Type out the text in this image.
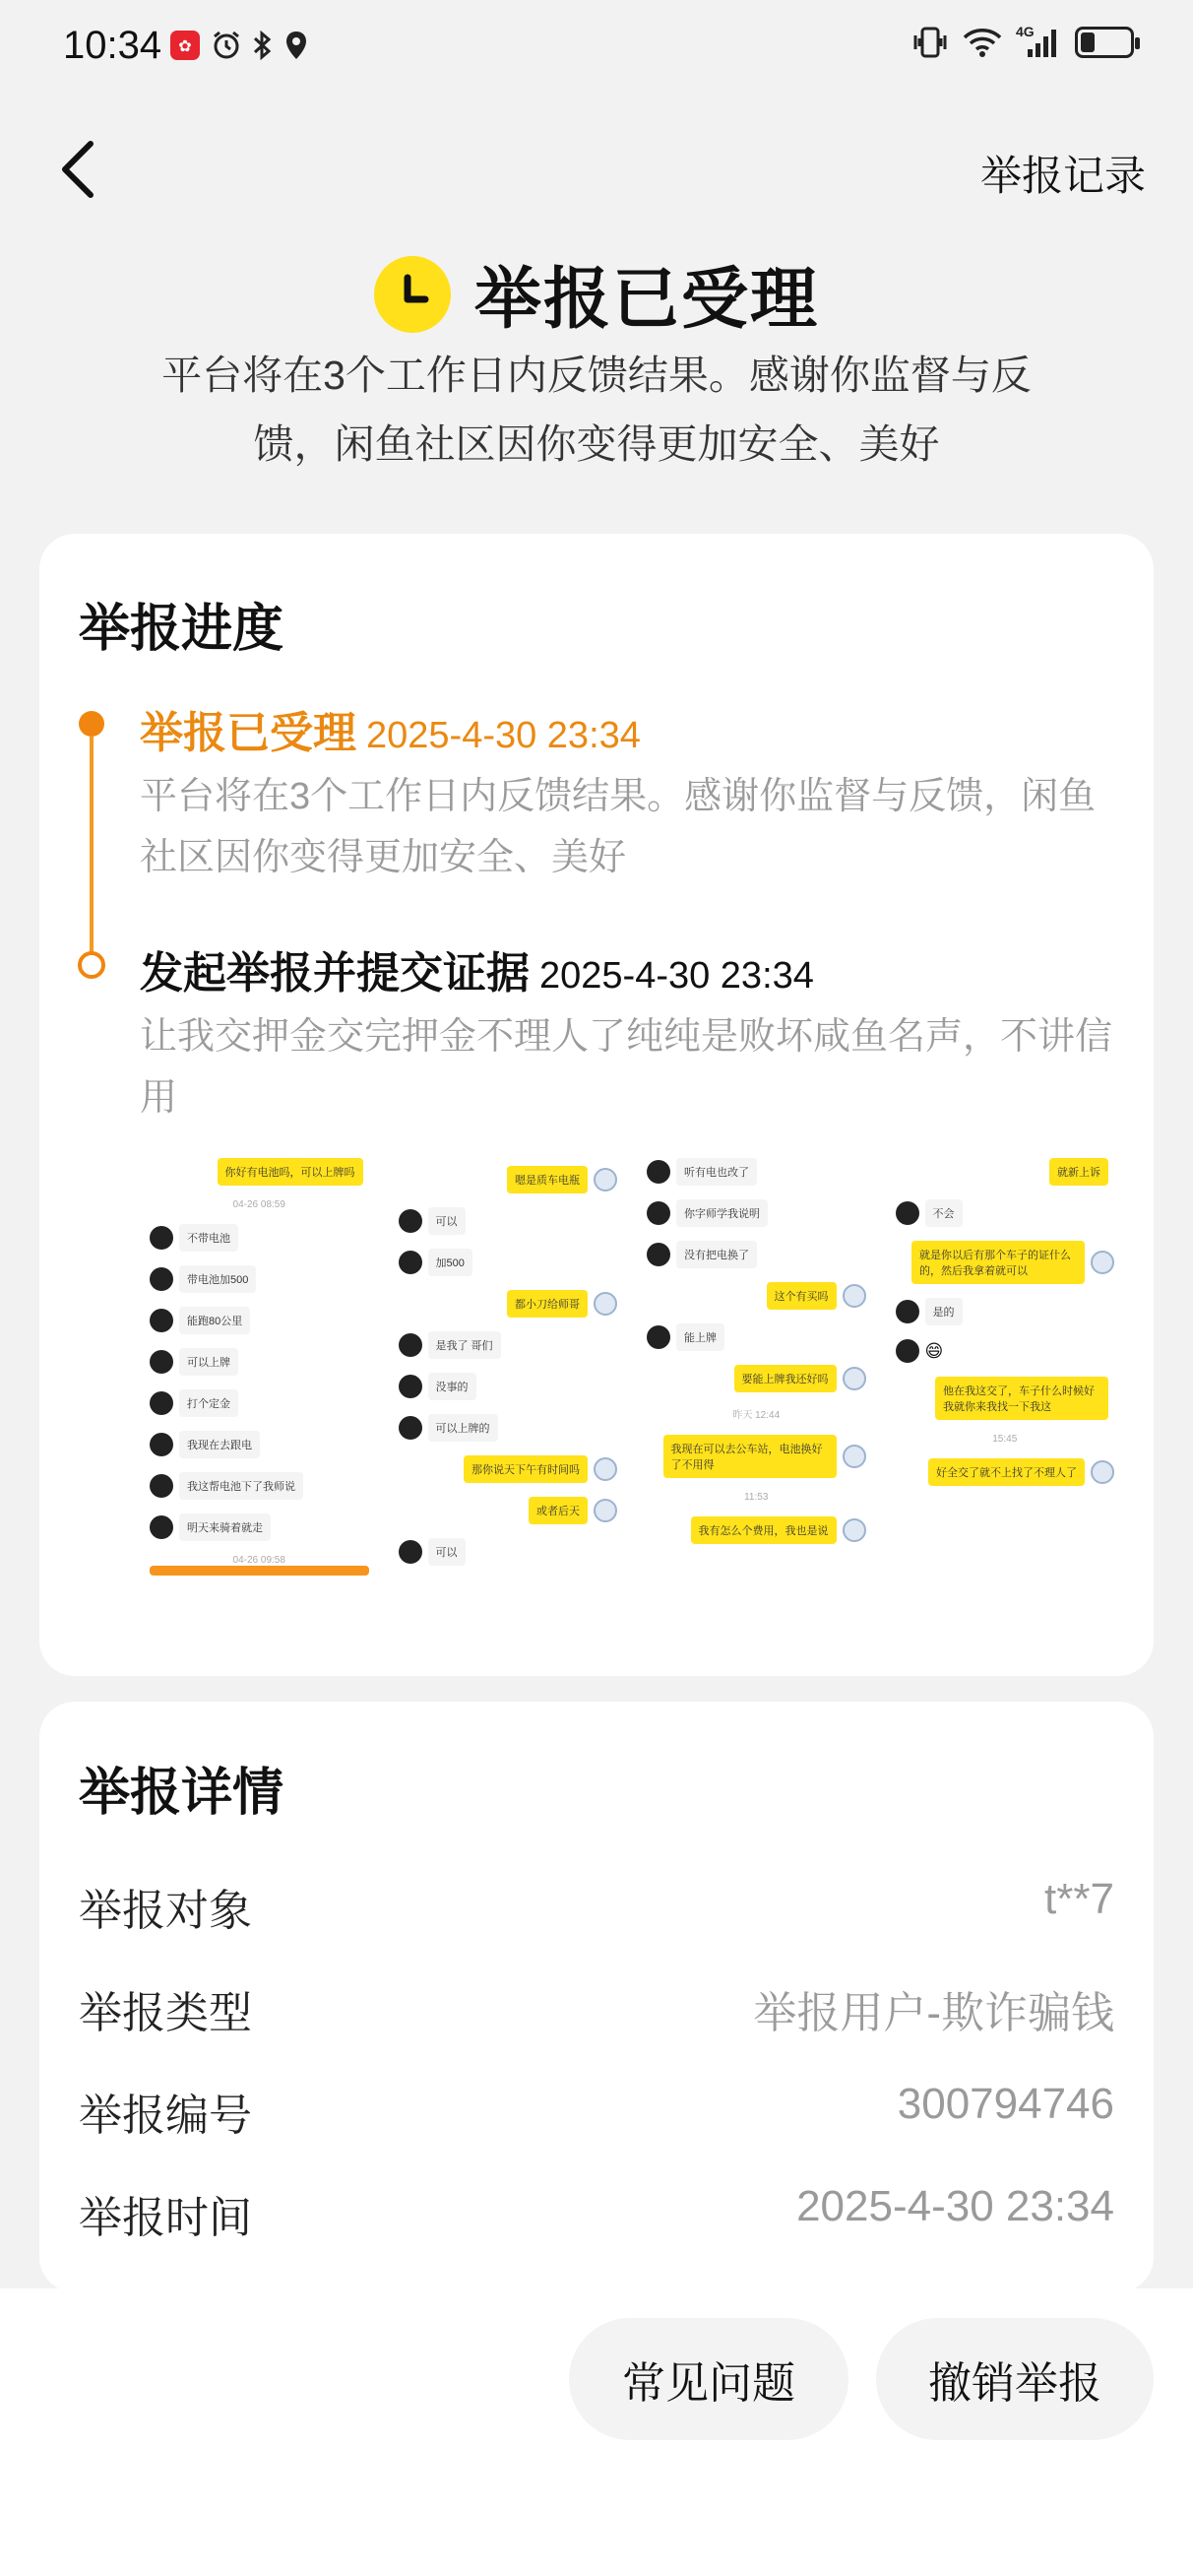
10:34 ✿
4G
举报记录
举报已受理
平台将在3个工作日内反馈结果。感谢你监督与反馈，闲鱼社区因你变得更加安全、美好
举报进度
举报已受理 2025-4-30 23:34
平台将在3个工作日内反馈结果。感谢你监督与反馈，闲鱼社区因你变得更加安全、美好
发起举报并提交证据 2025-4-30 23:34
让我交押金交完押金不理人了纯纯是败坏咸鱼名声，不讲信用
你好有电池吗，可以上牌吗
04-26 08:59
不带电池
带电池加500
能跑80公里
可以上牌
打个定金
我现在去跟电
我这帮电池下了我师说
明天来骑着就走
04-26 09:58
嗯是质车电瓶
可以
加500
都小刀给师哥
是我了 哥们
没事的
可以上牌的
那你说天下午有时间吗
或者后天
可以
听有电也改了
你字师学我说明
没有把电换了
这个有买吗
能上牌
要能上牌我还好吗
昨天 12:44
我现在可以去公车站，电池换好了不用得
11:53
我有怎么个费用，我也是说
就新上诉
不会
就是你以后有那个车子的证什么的，然后我拿着就可以
是的
😄
他在我这交了，车子什么时候好我就你来我找一下我这
15:45
好全交了就不上找了不理人了
举报详情
举报对象	t**7
举报类型	举报用户-欺诈骗钱
举报编号	300794746
举报时间	2025-4-30 23:34
常见问题	撤销举报
